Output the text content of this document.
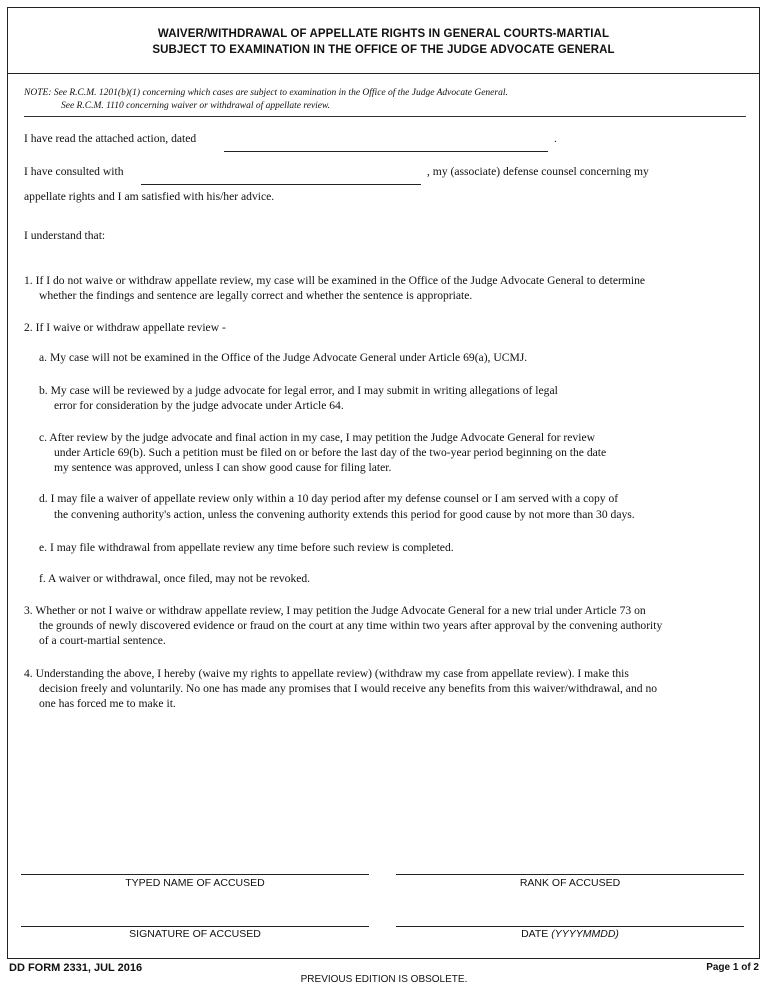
WAIVER/WITHDRAWAL OF APPELLATE RIGHTS IN GENERAL COURTS-MARTIAL
SUBJECT TO EXAMINATION IN THE OFFICE OF THE JUDGE ADVOCATE GENERAL
NOTE: See R.C.M. 1201(b)(1) concerning which cases are subject to examination in the Office of the Judge Advocate General.
See R.C.M. 1110 concerning waiver or withdrawal of appellate review.
I have read the attached action, dated	.
I have consulted with	, my (associate) defense counsel concerning my
appellate rights and I am satisfied with his/her advice.
I understand that:
1. If I do not waive or withdraw appellate review, my case will be examined in the Office of the Judge Advocate General to determine
whether the findings and sentence are legally correct and whether the sentence is appropriate.
2. If I waive or withdraw appellate review -
a. My case will not be examined in the Office of the Judge Advocate General under Article 69(a), UCMJ.
b. My case will be reviewed by a judge advocate for legal error, and I may submit in writing allegations of legal
error for consideration by the judge advocate under Article 64.
c. After review by the judge advocate and final action in my case, I may petition the Judge Advocate General for review
under Article 69(b). Such a petition must be filed on or before the last day of the two-year period beginning on the date
my sentence was approved, unless I can show good cause for filing later.
d. I may file a waiver of appellate review only within a 10 day period after my defense counsel or I am served with a copy of
the convening authority's action, unless the convening authority extends this period for good cause by not more than 30 days.
e. I may file withdrawal from appellate review any time before such review is completed.
f. A waiver or withdrawal, once filed, may not be revoked.
3. Whether or not I waive or withdraw appellate review, I may petition the Judge Advocate General for a new trial under Article 73 on
the grounds of newly discovered evidence or fraud on the court at any time within two years after approval by the convening authority
of a court-martial sentence.
4. Understanding the above, I hereby (waive my rights to appellate review) (withdraw my case from appellate review). I make this
decision freely and voluntarily. No one has made any promises that I would receive any benefits from this waiver/withdrawal, and no
one has forced me to make it.
TYPED NAME OF ACCUSED	RANK OF ACCUSED
SIGNATURE OF ACCUSED	DATE (YYYYMMDD)
DD FORM 2331, JUL 2016
PREVIOUS EDITION IS OBSOLETE.
Page 1 of 2
